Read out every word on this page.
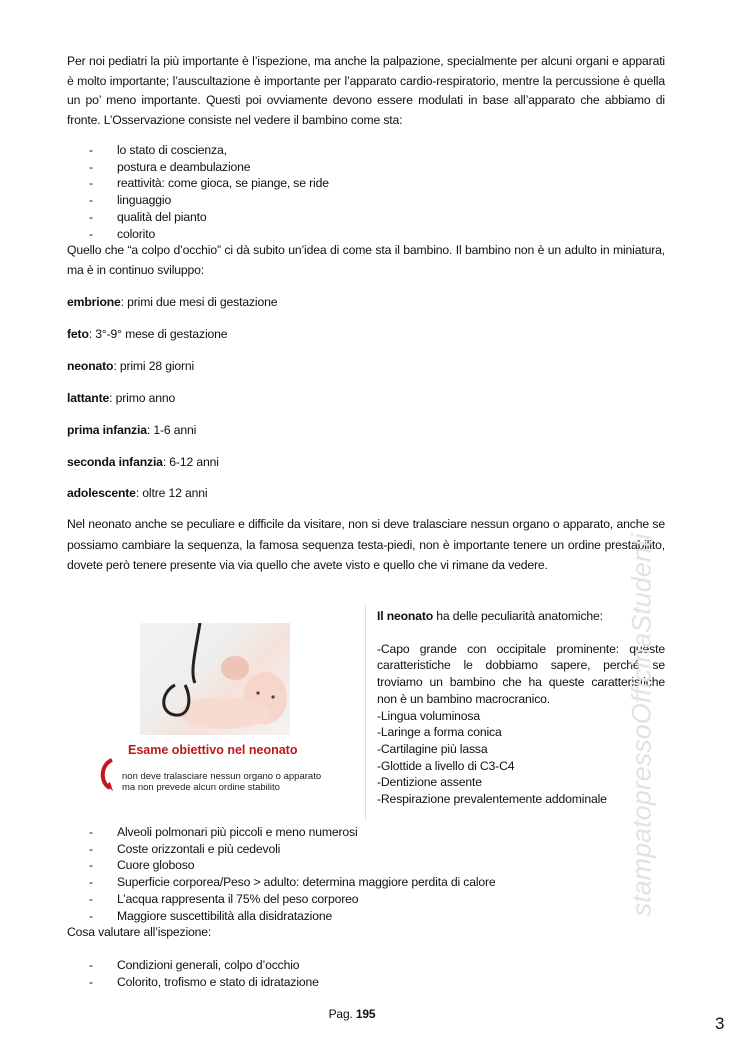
Per noi pediatri la più importante è l’ispezione, ma anche la palpazione, specialmente per alcuni organi e apparati è molto importante; l’auscultazione è importante per l’apparato cardio-respiratorio, mentre la percussione è quella un po’ meno importante. Questi poi ovviamente devono essere modulati in base all’apparato che abbiamo di fronte. L’Osservazione consiste nel vedere il bambino come sta:

- lo stato di coscienza,
- postura e deambulazione
- reattività: come gioca, se piange, se ride
- linguaggio
- qualità del pianto
- colorito

Quello che “a colpo d’occhio” ci dà subito un’idea di come sta il bambino. Il bambino non è un adulto in miniatura, ma è in continuo sviluppo:

embrione: primi due mesi di gestazione
feto: 3°-9° mese di gestazione
neonato: primi 28 giorni
lattante: primo anno
prima infanzia: 1-6 anni
seconda infanzia: 6-12 anni
adolescente: oltre 12 anni

Nel neonato anche se peculiare e difficile da visitare, non si deve tralasciare nessun organo o apparato, anche se possiamo cambiare la sequenza, la famosa sequenza testa-piedi, non è importante tenere un ordine prestabilito, dovete però tenere presente via via quello che avete visto e quello che vi rimane da vedere.

Esame obiettivo nel neonato
non deve tralasciare nessun organo o apparato
ma non prevede alcun ordine stabilito

Il neonato ha delle peculiarità anatomiche:

-Capo grande con occipitale prominente: queste caratteristiche le dobbiamo sapere, perché se troviamo un bambino che ha queste caratteristiche non è un bambino macrocranico.

-Lingua voluminosa

-Laringe a forma conica

-Cartilagine più lassa

-Glottide a livello di C3-C4

-Dentizione assente

-Respirazione prevalentemente addominale

- Alveoli polmonari più piccoli e meno numerosi
- Coste orizzontali e più cedevoli
- Cuore globoso
- Superficie corporea/Peso > adulto: determina maggiore perdita di calore
- L’acqua rappresenta il 75% del peso corporeo
- Maggiore suscettibilità alla disidratazione
Cosa valutare all’ispezione:
- Condizioni generali, colpo d’occhio
- Colorito, trofismo e stato di idratazione
stampatopressoOfficinaStudenti
Pag. 195	3
